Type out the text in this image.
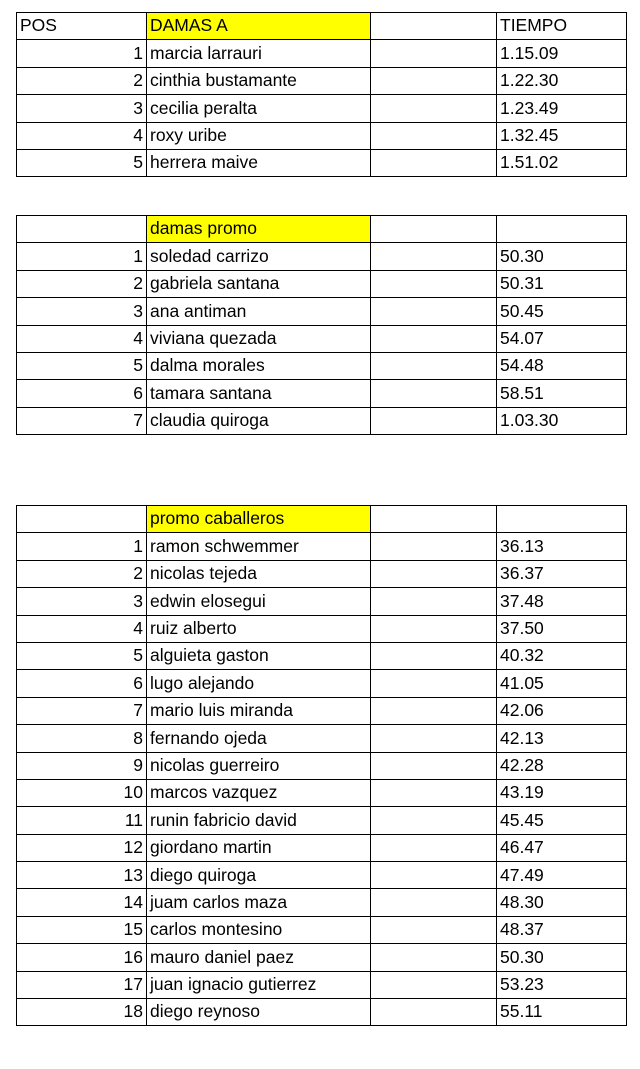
POS	DAMAS A		TIEMPO
1	marcia larrauri		1.15.09
2	cinthia bustamante		1.22.30
3	cecilia peralta		1.23.49
4	roxy uribe		1.32.45
5	herrera maive		1.51.02
	damas promo		
1	soledad carrizo		50.30
2	gabriela santana		50.31
3	ana antiman		50.45
4	viviana quezada		54.07
5	dalma morales		54.48
6	tamara santana		58.51
7	claudia quiroga		1.03.30
	promo caballeros		
1	ramon schwemmer		36.13
2	nicolas tejeda		36.37
3	edwin elosegui		37.48
4	ruiz alberto		37.50
5	alguieta gaston		40.32
6	lugo alejando		41.05
7	mario luis miranda		42.06
8	fernando ojeda		42.13
9	nicolas guerreiro		42.28
10	marcos vazquez		43.19
11	runin fabricio david		45.45
12	giordano martin		46.47
13	diego quiroga		47.49
14	juam carlos maza		48.30
15	carlos montesino		48.37
16	mauro daniel paez		50.30
17	juan ignacio gutierrez		53.23
18	diego reynoso		55.11
